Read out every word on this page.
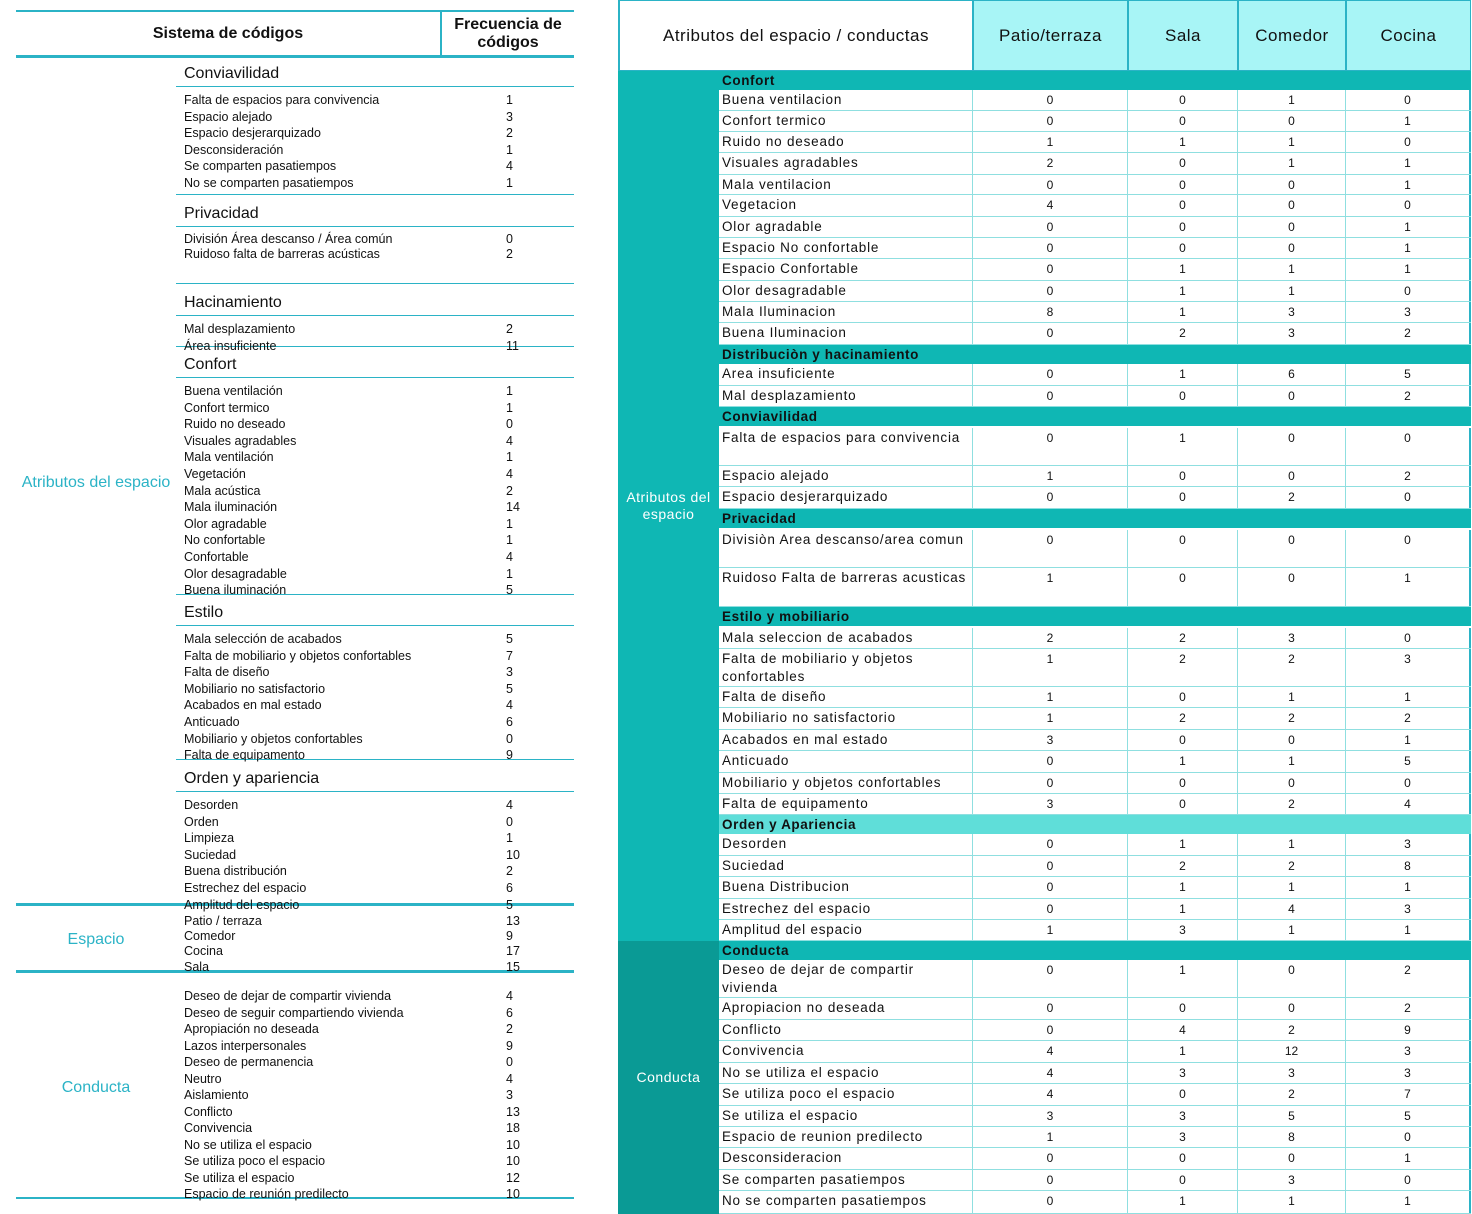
Sistema de códigos
Frecuencia de códigos
Atributos del espacio
Espacio
Conducta
Conviavilidad
Falta de espacios para convivencia	1
Espacio alejado	3
Espacio desjerarquizado	2
Desconsideración	1
Se comparten pasatiempos	4
No se comparten pasatiempos	1
Privacidad
División Área descanso / Área común	0
Ruidoso falta de barreras acústicas	2
Hacinamiento
Mal desplazamiento	2
Área insuficiente	11
Confort
Buena ventilación	1
Confort termico	1
Ruido no deseado	0
Visuales agradables	4
Mala ventilación	1
Vegetación	4
Mala acústica	2
Mala iluminación	14
Olor agradable	1
No confortable	1
Confortable	4
Olor desagradable	1
Buena iluminación	5
Estilo
Mala selección de acabados	5
Falta de mobiliario y objetos confortables	7
Falta de diseño	3
Mobiliario no satisfactorio	5
Acabados en mal estado	4
Anticuado	6
Mobiliario y objetos confortables	0
Falta de equipamento	9
Orden y apariencia
Desorden	4
Orden	0
Limpieza	1
Suciedad	10
Buena distribución	2
Estrechez del espacio	6
Amplitud del espacio	5
Patio / terraza	13
Comedor	9
Cocina	17
Sala	15
Deseo de dejar de compartir vivienda	4
Deseo de seguir compartiendo vivienda	6
Apropiación no deseada	2
Lazos interpersonales	9
Deseo de permanencia	0
Neutro	4
Aislamiento	3
Conflicto	13
Convivencia	18
No se utiliza el espacio	10
Se utiliza poco el espacio	10
Se utiliza el espacio	12
Espacio de reunión predilecto	10
Atributos del espacio / conductas	Patio/terraza	Sala	Comedor	Cocina
Atributos del espacio
Conducta
Confort
Buena ventilacion	0	0	1	0
Confort termico	0	0	0	1
Ruido no deseado	1	1	1	0
Visuales agradables	2	0	1	1
Mala ventilacion	0	0	0	1
Vegetacion	4	0	0	0
Olor agradable	0	0	0	1
Espacio No confortable	0	0	0	1
Espacio Confortable	0	1	1	1
Olor desagradable	0	1	1	0
Mala Iluminacion	8	1	3	3
Buena Iluminacion	0	2	3	2
Distribuciòn y hacinamiento
Area insuficiente	0	1	6	5
Mal desplazamiento	0	0	0	2
Conviavilidad
Falta de espacios para convivencia	0	1	0	0
Espacio alejado	1	0	0	2
Espacio desjerarquizado	0	0	2	0
Privacidad
Divisiòn Area descanso/area comun	0	0	0	0
Ruidoso Falta de barreras acusticas	1	0	0	1
Estilo y mobiliario
Mala seleccion de acabados	2	2	3	0
Falta de mobiliario y objetos confortables
1	2	2	3
Falta de diseño	1	0	1	1
Mobiliario no satisfactorio	1	2	2	2
Acabados en mal estado	3	0	0	1
Anticuado	0	1	1	5
Mobiliario y objetos confortables	0	0	0	0
Falta de equipamento	3	0	2	4
Orden y Apariencia
Desorden	0	1	1	3
Suciedad	0	2	2	8
Buena Distribucion	0	1	1	1
Estrechez del espacio	0	1	4	3
Amplitud del espacio	1	3	1	1
Conducta
Deseo de dejar de compartir vivienda
0	1	0	2
Apropiacion no deseada	0	0	0	2
Conflicto	0	4	2	9
Convivencia	4	1	12	3
No se utiliza el espacio	4	3	3	3
Se utiliza poco el espacio	4	0	2	7
Se utiliza el espacio	3	3	5	5
Espacio de reunion predilecto	1	3	8	0
Desconsideracion	0	0	0	1
Se comparten pasatiempos	0	0	3	0
No se comparten pasatiempos	0	1	1	1
